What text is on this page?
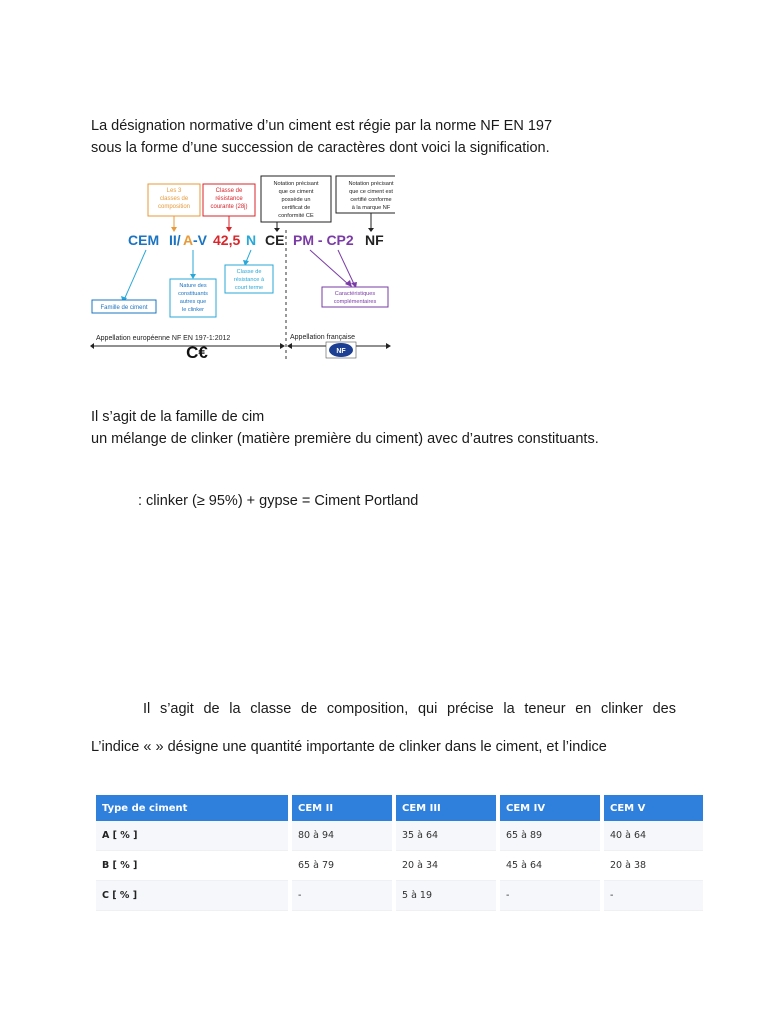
La désignation normative d’un ciment est régie par la norme NF EN 197
sous la forme d’une succession de caractères dont voici la signification.
Les 3
classes de
composition
Classe de
résistance
courante (28j)
Notation précisant
que ce ciment
possède un
certificat de
conformité CE
Notation précisant
que ce ciment est
certifié conforme
à la marque NF
CEM II/ A -V 42,5 N CE PM - CP2 NF
Famille de ciment
Nature des
constituants
autres que
le clinker
Classe de
résistance à
court terme
Caractéristiques
complémentaires
Appellation européenne NF EN 197-1:2012	Appellation française
C€	NF
Il s’agit de la famille de cim
un mélange de clinker (matière première du ciment) avec d’autres constituants.
: clinker (≥ 95%) + gypse = Ciment Portland
Il s’agit de la classe de composition, qui précise la teneur en clinker des
L’indice « » désigne une quantité importante de clinker dans le ciment, et l’indice
Type de ciment	CEM II	CEM III	CEM IV	CEM V
A [ % ]	80 à 94	35 à 64	65 à 89	40 à 64
B [ % ]	65 à 79	20 à 34	45 à 64	20 à 38
C [ % ]	-	5 à 19	-	-
